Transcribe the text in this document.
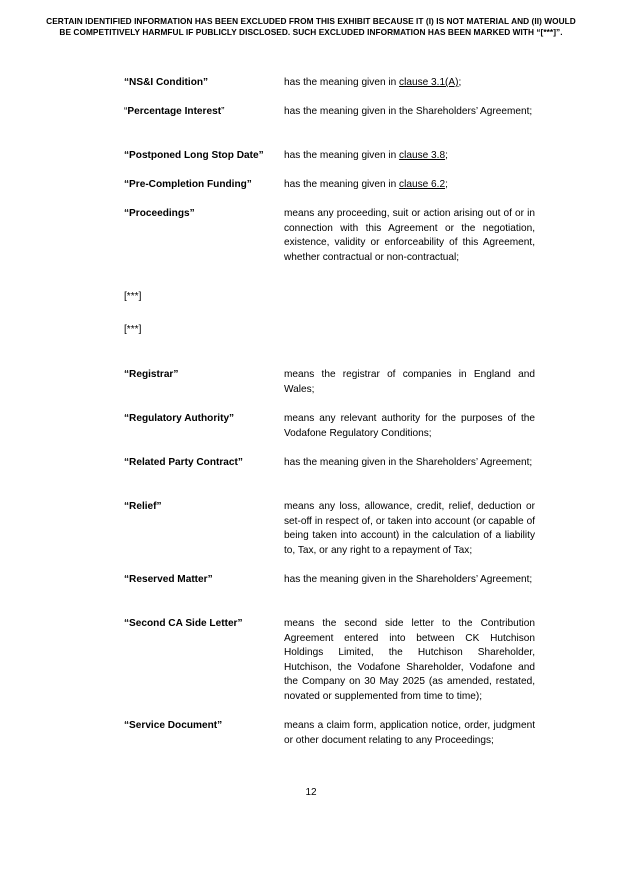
CERTAIN IDENTIFIED INFORMATION HAS BEEN EXCLUDED FROM THIS EXHIBIT BECAUSE IT (I) IS NOT MATERIAL AND (II) WOULD
BE COMPETITIVELY HARMFUL IF PUBLICLY DISCLOSED. SUCH EXCLUDED INFORMATION HAS BEEN MARKED WITH “[***]”.
“NS&I Condition”	has the meaning given in clause 3.1(A);
“Percentage Interest”	has the meaning given in the Shareholders’ Agreement;
“Postponed Long Stop Date”	has the meaning given in clause 3.8;
“Pre-Completion Funding”	has the meaning given in clause 6.2;
“Proceedings”	means any proceeding, suit or action arising out of or in connection with this Agreement or the negotiation, existence, validity or enforceability of this Agreement, whether contractual or non-contractual;
[***]
[***]
“Registrar”	means the registrar of companies in England and Wales;
“Regulatory Authority”	means any relevant authority for the purposes of the Vodafone Regulatory Conditions;
“Related Party Contract”	has the meaning given in the Shareholders’ Agreement;
“Relief”	means any loss, allowance, credit, relief, deduction or set-off in respect of, or taken into account (or capable of being taken into account) in the calculation of a liability to, Tax, or any right to a repayment of Tax;
“Reserved Matter”	has the meaning given in the Shareholders’ Agreement;
“Second CA Side Letter”	means the second side letter to the Contribution Agreement entered into between CK Hutchison Holdings Limited, the Hutchison Shareholder, Hutchison, the Vodafone Shareholder, Vodafone and the Company on 30 May 2025 (as amended, restated, novated or supplemented from time to time);
“Service Document”	means a claim form, application notice, order, judgment or other document relating to any Proceedings;
12
